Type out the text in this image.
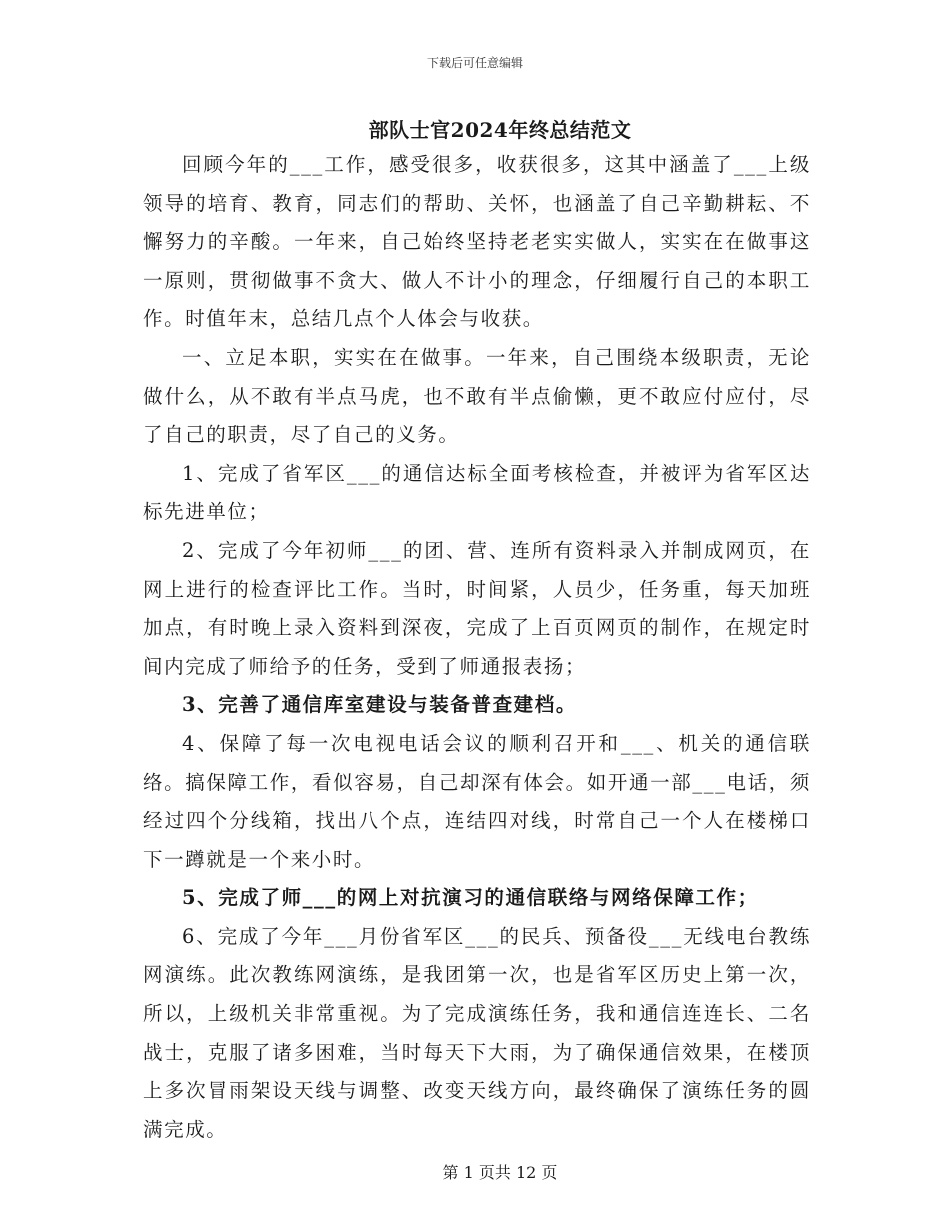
下载后可任意编辑
部队士官2024年终总结范文

回顾今年的___工作，感受很多，收获很多，这其中涵盖了___上级领导的培育、教育，同志们的帮助、关怀，也涵盖了自己辛勤耕耘、不懈努力的辛酸。一年来，自己始终坚持老老实实做人，实实在在做事这一原则，贯彻做事不贪大、做人不计小的理念，仔细履行自己的本职工作。时值年末，总结几点个人体会与收获。

一、立足本职，实实在在做事。一年来，自己围绕本级职责，无论做什么，从不敢有半点马虎，也不敢有半点偷懒，更不敢应付应付，尽了自己的职责，尽了自己的义务。

1、完成了省军区___的通信达标全面考核检查，并被评为省军区达标先进单位；

2、完成了今年初师___的团、营、连所有资料录入并制成网页，在网上进行的检查评比工作。当时，时间紧，人员少，任务重，每天加班加点，有时晚上录入资料到深夜，完成了上百页网页的制作，在规定时间内完成了师给予的任务，受到了师通报表扬；

3、完善了通信库室建设与装备普查建档。

4、保障了每一次电视电话会议的顺利召开和___、机关的通信联络。搞保障工作，看似容易，自己却深有体会。如开通一部___电话，须经过四个分线箱，找出八个点，连结四对线，时常自己一个人在楼梯口下一蹲就是一个来小时。

5、完成了师___的网上对抗演习的通信联络与网络保障工作；

6、完成了今年___月份省军区___的民兵、预备役___无线电台教练网演练。此次教练网演练，是我团第一次，也是省军区历史上第一次，所以，上级机关非常重视。为了完成演练任务，我和通信连连长、二名战士，克服了诸多困难，当时每天下大雨，为了确保通信效果，在楼顶上多次冒雨架设天线与调整、改变天线方向，最终确保了演练任务的圆满完成。

第 1 页共 12 页
